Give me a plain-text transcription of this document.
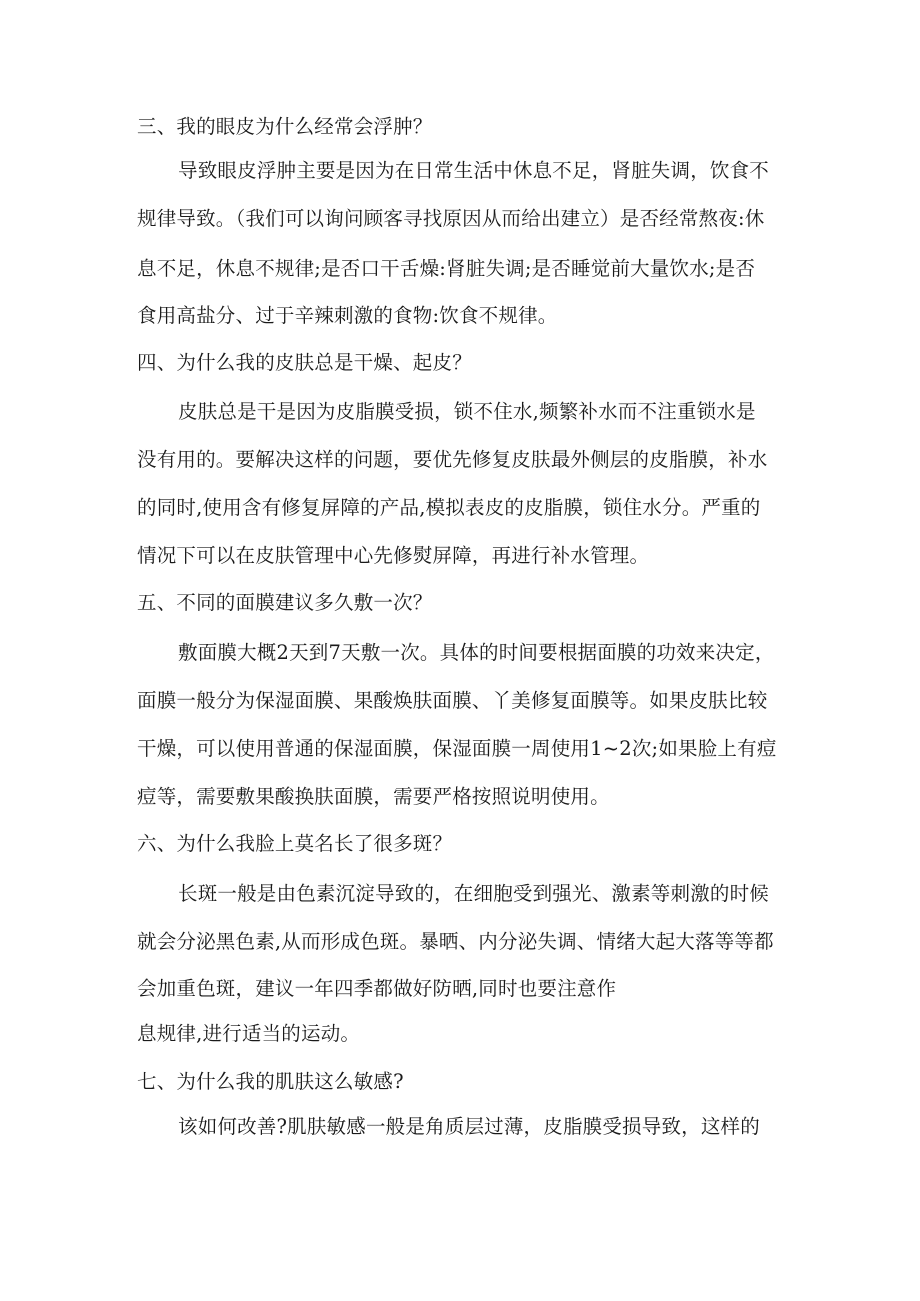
三、我的眼皮为什么经常会浮肿？

导致眼皮浮肿主要是因为在日常生活中休息不足，肾脏失调，饮食不

规律导致。（我们可以询问顾客寻找原因从而给出建立）是否经常熬夜:休

息不足，休息不规律;是否口干舌燥:肾脏失调;是否睡觉前大量饮水;是否

食用高盐分、过于辛辣刺激的食物:饮食不规律。

四、为什么我的皮肤总是干燥、起皮？

皮肤总是干是因为皮脂膜受损，锁不住水,频繁补水而不注重锁水是

没有用的。要解决这样的问题，要优先修复皮肤最外侧层的皮脂膜，补水

的同时,使用含有修复屏障的产品,模拟表皮的皮脂膜，锁住水分。严重的

情况下可以在皮肤管理中心先修熨屏障，再进行补水管理。

五、不同的面膜建议多久敷一次？

敷面膜大概2天到7天敷一次。具体的时间要根据面膜的功效来决定，

面膜一般分为保湿面膜、果酸焕肤面膜、丫美修复面膜等。如果皮肤比较

干燥，可以使用普通的保湿面膜，保湿面膜一周使用1~2次;如果脸上有痘

痘等，需要敷果酸换肤面膜，需要严格按照说明使用。

六、为什么我脸上莫名长了很多斑？

长斑一般是由色素沉淀导致的，在细胞受到强光、激素等刺激的时候

就会分泌黑色素,从而形成色斑。暴晒、内分泌失调、情绪大起大落等等都

会加重色斑，建议一年四季都做好防晒,同时也要注意作

息规律,进行适当的运动。

七、为什么我的肌肤这么敏感?

该如何改善?肌肤敏感一般是角质层过薄，皮脂膜受损导致，这样的
